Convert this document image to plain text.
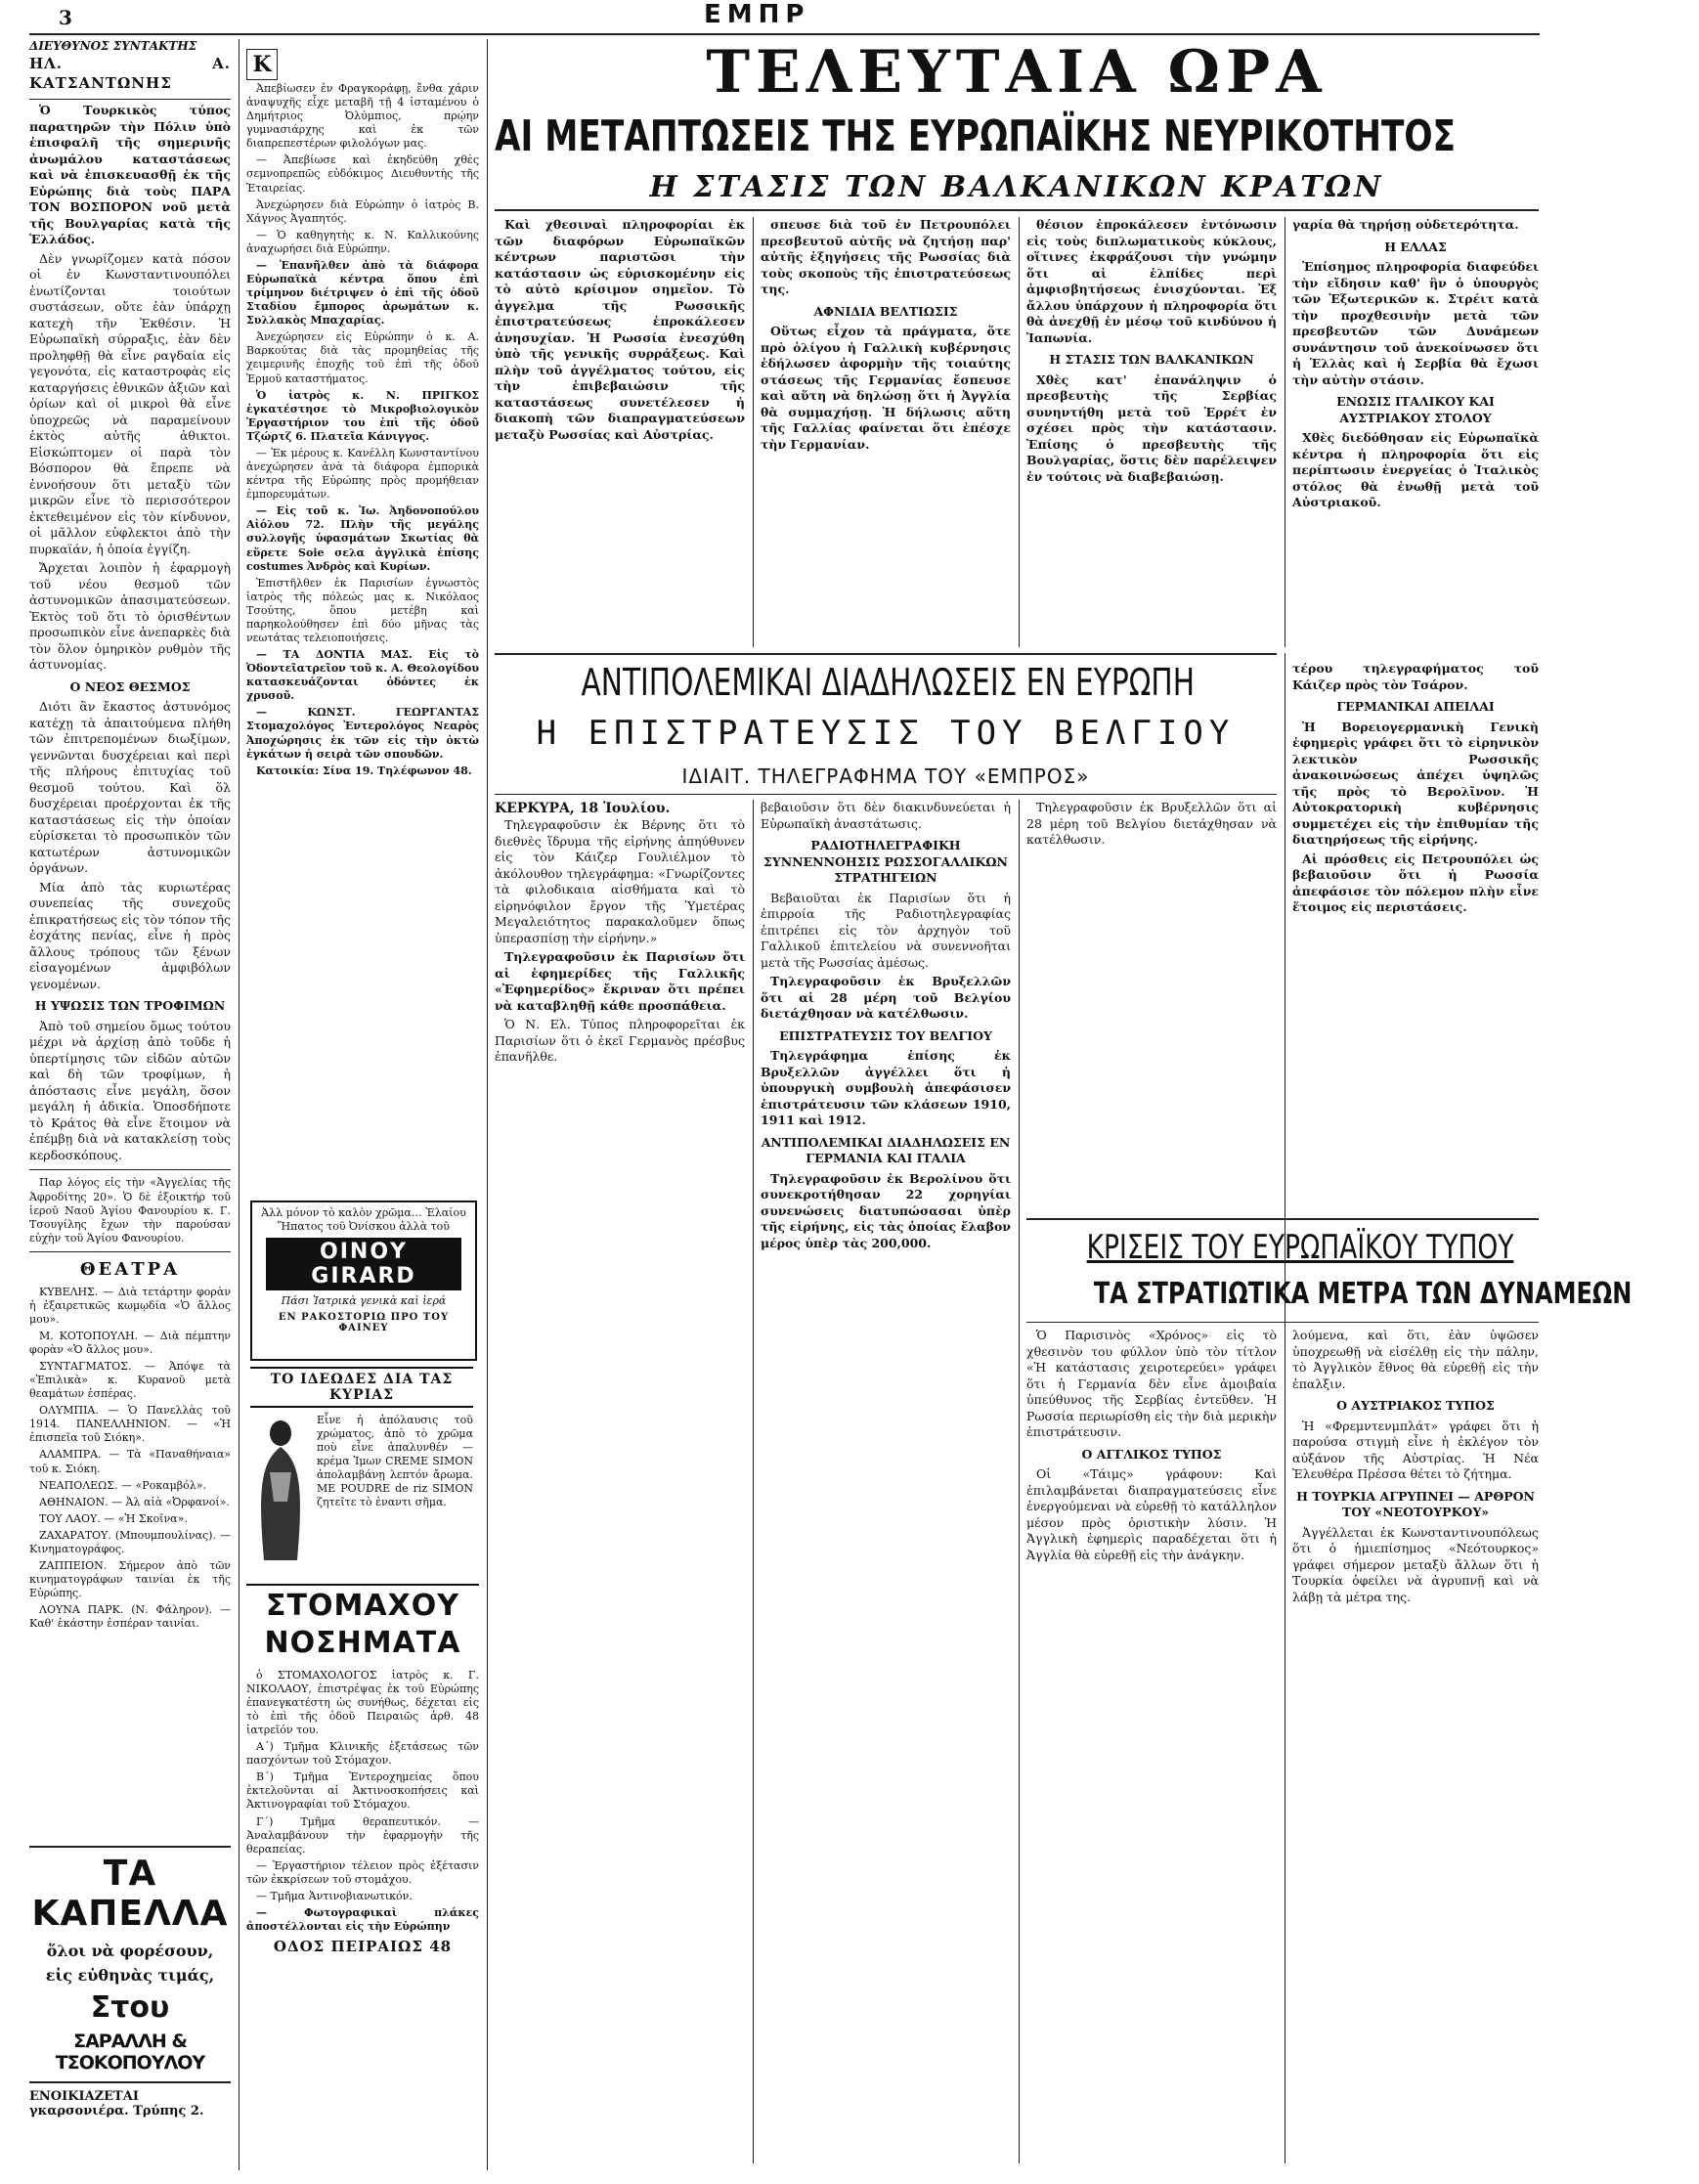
3	ΕΜΠΡ
ΔΙΕΥΘΥΝΟΣ ΣΥΝΤΑΚΤΗΣ
ΗΛ. Α. ΚΑΤΣΑΝΤΩΝΗΣ

Ὁ Τουρκικὸς τύπος παρατηρῶν τὴν Πόλιν ὑπὸ ἐπισφαλῆ τῆς σημερινῆς ἀνωμάλου καταστάσεως καὶ νὰ ἐπισκευασθῇ ἐκ τῆς Εὐρώπης διὰ τοὺς ΠΑΡΑ ΤΟΝ ΒΟΣΠΟΡΟΝ νοῦ μετὰ τῆς Βουλγαρίας κατὰ τῆς Ἑλλάδος.

Δὲν γνωρίζομεν κατὰ πόσον οἱ ἐν Κωνσταντινουπόλει ἐνωτίζονται τοιούτων συστάσεων, οὔτε ἐὰν ὑπάρχῃ κατεχὴ τῆν Ἐκθέσιν. Ἡ Εὐρωπαϊκὴ σύρραξις, ἐὰν δὲν προληφθῇ θὰ εἶνε ραγδαία εἰς γεγονότα, εἰς καταστροφὰς εἰς καταργήσεις ἐθνικῶν ἀξιῶν καὶ ὁρίων καὶ οἱ μικροὶ θὰ εἶνε ὑποχρεῶς νὰ παραμείνουν ἐκτὸς αὐτῆς ἀθικτοι. Εἰσκώπτομεν οἱ παρὰ τὸν Βόσπορον θὰ ἔπρεπε νὰ ἐννοήσουν ὅτι μεταξὺ τῶν μικρῶν εἶνε τὸ περισσότερον ἐκτεθειμένον εἰς τὸν κίνδυνον, οἱ μᾶλλον εὐφλεκτοι ἀπὸ τὴν πυρκαϊάν, ἡ ὁποία ἐγγίζη.

Ἄρχεται λοιπὸν ἡ ἐφαρμογὴ τοῦ νέου θεσμοῦ τῶν ἀστυνομικῶν ἀπασιματεύσεων. Ἐκτὸς τοῦ ὅτι τὸ ὀρισθέντων προσωπικὸν εἶνε ἀνεπαρκὲς διὰ τὸν ὅλον ὁμηρικὸν ρυθμὸν τῆς ἀστυνομίας.

Ο ΝΕΟΣ ΘΕΣΜΟΣ

Διότι ἂν ἔκαστος ἀστυνόμος κατέχῃ τὰ ἀπαιτούμενα πλήθη τῶν ἐπιτρεπομένων διωξίμων, γεννῶνται δυσχέρειαι καὶ περὶ τῆς πλήρους ἐπιτυχίας τοῦ θεσμοῦ τούτου. Καὶ ὅλ δυσχέρειαι προέρχονται ἐκ τῆς καταστάσεως εἰς τὴν ὁποίαν εὑρίσκεται τὸ προσωπικὸν τῶν κατωτέρων ἀστυνομικῶν ὀργάνων.

Μία ἀπὸ τὰς κυριωτέρας συνεπείας τῆς συνεχοῦς ἐπικρατήσεως εἰς τὸν τόπον τῆς ἐσχάτης πενίας, εἶνε ἡ πρὸς ἄλλους τρόπους τῶν ξένων εἰσαγομένων ἀμφιβόλων γενομένων.

Η ΥΨΩΣΙΣ ΤΩΝ ΤΡΟΦΙΜΩΝ

Ἀπὸ τοῦ σημείου ὅμως τούτου μέχρι νὰ ἀρχίσῃ ἀπὸ τοῦδε ἡ ὑπερτίμησις τῶν εἰδῶν αὐτῶν καὶ δὴ τῶν τροφίμων, ἡ ἀπόστασις εἶνε μεγάλη, ὅσον μεγάλη ἡ ἀδικία. Ὁποσδήποτε τὸ Κράτος θὰ εἶνε ἕτοιμον νὰ ἐπέμβῃ διὰ νὰ κατακλείσῃ τοὺς κερδοσκόπους.

Παρ λόγος εἰς τὴν «Ἀγγελίας τῆς Ἀφροδίτης 20». Ὁ δὲ ἐξοικτήρ τοῦ ἱεροῦ Ναοῦ Ἁγίου Φανουρίου κ. Γ. Τσουγίλης ἔχων τὴν παρούσαν εὐχὴν τοῦ Ἁγίου Φανουρίου.

ΘΕΑΤΡΑ

ΚΥΒΕΛΗΣ. — Διὰ τετάρτην φορὰν ἡ ἐξαιρετικῶς κωμῳδία «Ὁ ἄλλος μου».

Μ. ΚΟΤΟΠΟΥΛΗ. — Διὰ πέμπτην φορὰν «Ὁ ἄλλος μου».

ΣΥΝΤΑΓΜΑΤΟΣ. — Ἀπόψε τὰ «Ἐπιλικὰ» κ. Κυρανοῦ μετὰ θεαμάτων ἐσπέρας.

ΟΛΥΜΠΙΑ. — Ὁ Πανελλὰς τοῦ 1914. ΠΑΝΕΛΛΗΝΙΟΝ. — «Ἡ ἐπισπεῖα τοῦ Σιόκη».

ΑΛΑΜΠΡΑ. — Τὰ «Παναθήναια» τοῦ κ. Σιόκη.

ΝΕΑΠΟΛΕΩΣ. — «Ροκαμβόλ».

ΑΘΗΝΑΙΟΝ. — Ἀλ αἰὰ «Ὀρφανοί».

ΤΟΥ ΛΑΟΥ. — «Ἡ Σκοῖνα».

ΖΑΧΑΡΑΤΟΥ. (Μπουμπουλίνας). — Κινηματογράφος.

ΖΑΠΠΕΙΟΝ. Σήμερον ἀπὸ τῶν κινηματογράφων ταινίαι ἐκ τῆς Εὐρώπης.

ΛΟΥΝΑ ΠΑΡΚ. (Ν. Φάληρον). — Καθ' ἑκάστην ἐσπέραν ταινίαι.

ΤΑ ΚΑΠΕΛΛΑ
ὅλοι νὰ φορέσουν,
εἰς εὐθηνὰς τιμάς,
Στου
ΣΑΡΑΛΛΗ & ΤΣΟΚΟΠΟΥΛΟΥ
ΕΝΟΙΚΙΑΖΕΤΑΙ γκαρσονιέρα. Τρύπης 2.

Ἀπεβίωσεν ἐν Φραγκοράφῃ, ἔνθα χάριν ἀναψυχῆς εἶχε μεταβῆ τῇ 4 ἰσταμένου ὁ Δημήτριος Ὀλύμπιος, πρῴην γυμνασιάρχης καὶ ἐκ τῶν διαπρεπεστέρων φιλολόγων μας.

— Ἀπεβίωσε καὶ ἐκηδεύθη χθὲς σεμνοπρεπῶς εὐδόκιμος Διευθυντὴς τῆς Ἑταιρείας.

Ἀνεχώρησεν διὰ Εὐρώπην ὁ ἰατρὸς Β. Χάγνος Ἀγαπητός.

— Ὁ καθηγητὴς κ. Ν. Καλλικούνης ἀναχωρήσει διὰ Εὐρώπην.

— Ἐπανῆλθεν ἀπὸ τὰ διάφορα Εὐρωπαϊκὰ κέντρα ὅπου ἐπὶ τρίμηνον διέτριψεν ὁ ἐπὶ τῆς ὁδοῦ Σταδίου ἔμπορος ἀρωμάτων κ. Συλλακὸς Μπαχαρίας.

Ἀνεχώρησεν εἰς Εὐρώπην ὁ κ. Α. Βαρκούτας διὰ τὰς προμηθείας τῆς χειμερινῆς ἐποχῆς τοῦ ἐπὶ τῆς ὁδοῦ Ἑρμοῦ καταστήματος.

Ὁ ἰατρὸς κ. Ν. ΠΡΙΓΚΟΣ ἐγκατέστησε τὸ Μικροβιολογικὸν Ἐργαστήριον του ἐπὶ τῆς ὁδοῦ Τζώρτζ 6. Πλατεῖα Κάνιγγος.

— Ἐκ μέρους κ. Κανέλλη Κωνσταντίνου ἀνεχώρησεν ἀνὰ τὰ διάφορα ἐμπορικὰ κέντρα τῆς Εὐρώπης πρὸς προμήθειαν ἐμπορευμάτων.

— Εἰς τοῦ κ. Ἰω. Ἀηδονοπούλου Αἰόλου 72. Πλὴν τῆς μεγάλης συλλογῆς ὑφασμάτων Σκωτίας θὰ εὕρετε Soie σελα ἀγγλικὰ ἐπίσης costumes Ἀνδρὸς καὶ Κυρίων.

Ἐπιστῆλθεν ἐκ Παρισίων ἐγνωστὸς ἰατρὸς τῆς πόλεώς μας κ. Νικόλαος Τσούτης, ὅπου μετέβη καὶ παρηκολούθησεν ἐπὶ δύο μῆνας τὰς νεωτάτας τελειοποιήσεις.

— ΤΑ ΔΟΝΤΙΑ ΜΑΣ. Εἰς τὸ Ὀδοντεῖατρεῖον τοῦ κ. Α. Θεολογίδου κατασκευάζονται ὀδόντες ἐκ χρυσοῦ.

— ΚΩΝΣΤ. ΓΕΩΡΓΑΝΤΑΣ Στομαχολόγος Ἐντερολόγος Νεαρὸς Ἀποχώρησις ἐκ τῶν εἰς τὴν ὀκτὼ ἐγκάτων ἡ σειρὰ τῶν σπουδῶν.

Κατοικία: Σίνα 19. Τηλέφωνον 48.

K
Ἀλλ μόνον τὸ καλὸν χρῶμα… Ἐλαίου Ἥπατος τοῦ Ὀνίσκου ἀλλὰ τοῦ
ΟΙΝΟΥ GIRARD
Πάσι Ἰατρικὰ γενικὰ καὶ ἱερά
ΕΝ ΡΑΚΟΣΤΟΡΙΩ ΠΡΟ ΤΟΥ ΦΑΙΝΕΥ
ΤΟ ΙΔΕΩΔΕΣ ΔΙΑ ΤΑΣ ΚΥΡΙΑΣ
Εἶνε ἡ ἀπόλαυσις τοῦ χρώματος, ἀπὸ τὸ χρῶμα ποὺ εἶνε ἀπαλυνθέν — κρέμα Ἰμων CREME SIMON ἀπολαμβάνῃ λεπτόν ἄρωμα. ΜΕ POUDRE de riz SIMON ζητεῖτε τὸ ἐναντι σῆμα.
ΣΤΟΜΑΧΟΥ ΝΟΣΗΜΑΤΑ

ὁ ΣΤΟΜΑΧΟΛΟΓΟΣ ἰατρὸς κ. Γ. ΝΙΚΟΛΑΟΥ, ἐπιστρέψας ἐκ τοῦ Εὐρώπης ἐπανεγκατέστη ὡς συνήθως, δέχεται εἰς τὸ ἐπὶ τῆς ὁδοῦ Πειραιῶς ἀρθ. 48 ἰατρεῖόν του.

Α΄) Τμῆμα Κλινικῆς ἐξετάσεως τῶν πασχόντων τοῦ Στόμαχον.

Β΄) Τμῆμα Ἐντεροχημείας ὅπου ἐκτελοῦνται αἱ Ἀκτινοσκοπήσεις καὶ Ἀκτινογραφίαι τοῦ Στόμαχου.

Γ΄) Τμῆμα θεραπευτικόν. — Ἀναλαμβάνουν τὴν ἐφαρμογὴν τῆς θεραπείας.

— Ἐργαστήριον τέλειον πρὸς ἐξέτασιν τῶν ἐκκρίσεων τοῦ στομάχου.

— Τμῆμα Ἀντινοβιανωτικόν.

— Φωτογραφικαὶ πλάκες ἀποστέλλονται εἰς τὴν Εὐρώπην

ΟΔΟΣ ΠΕΙΡΑΙΩΣ 48
ΤΕΛΕΥΤΑΙΑ ΩΡΑ
ΑΙ ΜΕΤΑΠΤΩΣΕΙΣ ΤΗΣ ΕΥΡΩΠΑΪΚΗΣ ΝΕΥΡΙΚΟΤΗΤΟΣ
Η ΣΤΑΣΙΣ ΤΩΝ ΒΑΛΚΑΝΙΚΩΝ ΚΡΑΤΩΝ

Καὶ χθεσιναὶ πληροφορίαι ἐκ τῶν διαφόρων Εὐρωπαϊκῶν κέντρων παριστῶσι τὴν κατάστασιν ὡς εὑρισκομένην εἰς τὸ αὐτὸ κρίσιμον σημεῖον. Τὸ ἀγγελμα τῆς Ρωσσικῆς ἐπιστρατεύσεως ἐπροκάλεσεν ἀνησυχίαν. Ἡ Ρωσσία ἐνεσχύθη ὑπὸ τῆς γενικῆς συρράξεως. Καὶ πλὴν τοῦ ἀγγέλματος τούτου, εἰς τὴν ἐπιβεβαιώσιν τῆς καταστάσεως συνετέλεσεν ἡ διακοπὴ τῶν διαπραγματεύσεων μεταξὺ Ρωσσίας καὶ Αὐστρίας.

σπευσε διὰ τοῦ ἐν Πετρουπόλει πρεσβευτοῦ αὐτῆς νὰ ζητήσῃ παρ' αὐτῆς ἐξηγήσεις τῆς Ρωσσίας διὰ τοὺς σκοποὺς τῆς ἐπιστρατεύσεως της.

ΑΦΝΙΔΙΑ ΒΕΛΤΙΩΣΙΣ

Οὕτως εἶχον τὰ πράγματα, ὅτε πρὸ ὀλίγου ἡ Γαλλικὴ κυβέρνησις ἐδήλωσεν ἀφορμὴν τῆς τοιαύτης στάσεως τῆς Γερμανίας ἔσπευσε καὶ αὕτη νὰ δηλώσῃ ὅτι ἡ Ἀγγλία θὰ συμμαχήσῃ. Ἡ δήλωσις αὕτη τῆς Γαλλίας φαίνεται ὅτι ἐπέσχε τὴν Γερμανίαν.

θέσιον ἐπροκάλεσεν ἐντόνωσιν εἰς τοὺς διπλωματικοὺς κύκλους, οἵτινες ἐκφράζουσι τὴν γνώμην ὅτι αἱ ἐλπίδες περὶ ἀμφισβητήσεως ἐνισχύονται. Ἐξ ἄλλου ὑπάρχουν ἡ πληροφορία ὅτι θὰ ἀνεχθῇ ἐν μέσῳ τοῦ κινδύνου ἡ Ἰαπωνία.

Η ΣΤΑΣΙΣ ΤΩΝ ΒΑΛΚΑΝΙΚΩΝ

Χθὲς κατ' ἐπανάληψιν ὁ πρεσβευτὴς τῆς Σερβίας συνηντήθη μετὰ τοῦ Ἐρρέτ ἐν σχέσει πρὸς τὴν κατάστασιν. Ἐπίσης ὁ πρεσβευτὴς τῆς Βουλγαρίας, ὅστις δὲν παρέλειψεν ἐν τούτοις νὰ διαβεβαιώσῃ.

γαρία θὰ τηρήσῃ οὐδετερότητα.

Η ΕΛΛΑΣ

Ἐπίσημος πληροφορία διαφεύδει τὴν εἴδησιν καθ' ἣν ὁ ὑπουργὸς τῶν Ἐξωτερικῶν κ. Στρέιτ κατὰ τὴν προχθεσινὴν μετὰ τῶν πρεσβευτῶν τῶν Δυνάμεων συνάντησιν τοῦ ἀνεκοίνωσεν ὅτι ἡ Ἑλλὰς καὶ ἡ Σερβία θὰ ἔχωσι τὴν αὐτὴν στάσιν.

ΕΝΩΣΙΣ ΙΤΑΛΙΚΟΥ ΚΑΙ ΑΥΣΤΡΙΑΚΟΥ ΣΤΟΛΟΥ

Χθὲς διεδόθησαν εἰς Εὐρωπαϊκὰ κέντρα ἡ πληροφορία ὅτι εἰς περίπτωσιν ἐνεργείας ὁ Ἰταλικὸς στόλος θὰ ἑνωθῇ μετὰ τοῦ Αὐστριακοῦ.

ΑΝΤΙΠΟΛΕΜΙΚΑΙ ΔΙΑΔΗΛΩΣΕΙΣ ΕΝ ΕΥΡΩΠΗ
Η ΕΠΙΣΤΡΑΤΕΥΣΙΣ ΤΟΥ ΒΕΛΓΙΟΥ
ΙΔΙΑΙΤ. ΤΗΛΕΓΡΑΦΗΜΑ ΤΟΥ «ΕΜΠΡΟΣ»
ΚΕΡΚΥΡΑ, 18 Ἰουλίου.

Τηλεγραφοῦσιν ἐκ Βέρνης ὅτι τὸ διεθνὲς ἵδρυμα τῆς εἰρήνης ἀπηύθυνεν εἰς τὸν Κάιζερ Γουλιέλμον τὸ ἀκόλουθον τηλεγράφημα: «Γνωρίζοντες τὰ φιλοδικαια αἰσθήματα καὶ τὸ εἰρηνόφιλον ἔργον τῆς Ὑμετέρας Μεγαλειότητος παρακαλοῦμεν ὅπως ὑπερασπίσῃ τὴν εἰρήνην.»

Τηλεγραφοῦσιν ἐκ Παρισίων ὅτι αἱ ἐφημερίδες τῆς Γαλλικῆς «Ἐφημερίδος» ἔκριναν ὅτι πρέπει νὰ καταβληθῇ κάθε προσπάθεια.

Ὁ Ν. Ελ. Τύπος πληροφορεῖται ἐκ Παρισίων ὅτι ὁ ἐκεῖ Γερμανὸς πρέσβυς ἐπανῆλθε.

βεβαιοῦσιν ὅτι δὲν διακινδυνεύεται ἡ Εὐρωπαϊκὴ ἀναστάτωσις.

ΡΑΔΙΟΤΗΛΕΓΡΑΦΙΚΗ ΣΥΝΝΕΝΝΟΗΣΙΣ ΡΩΣΣΟΓΑΛΛΙΚΩΝ ΣΤΡΑΤΗΓΕΙΩΝ

Βεβαιοῦται ἐκ Παρισίων ὅτι ἡ ἐπιρροία τῆς Ραδιοτηλεγραφίας ἐπιτρέπει εἰς τὸν ἀρχηγὸν τοῦ Γαλλικοῦ ἐπιτελείου νὰ συνεννοῆται μετὰ τῆς Ρωσσίας ἀμέσως.

Τηλεγραφοῦσιν ἐκ Βρυξελλῶν ὅτι αἱ 28 μέρη τοῦ Βελγίου διετάχθησαν νὰ κατέλθωσιν.

ΕΠΙΣΤΡΑΤΕΥΣΙΣ ΤΟΥ ΒΕΛΓΙΟΥ

Τηλεγράφημα ἐπίσης ἐκ Βρυξελλῶν ἀγγέλλει ὅτι ἡ ὑπουργικὴ συμβουλὴ ἀπεφάσισεν ἐπιστράτευσιν τῶν κλάσεων 1910, 1911 καὶ 1912.

ΑΝΤΙΠΟΛΕΜΙΚΑΙ ΔΙΑΔΗΛΩΣΕΙΣ ΕΝ ΓΕΡΜΑΝΙΑ ΚΑΙ ΙΤΑΛΙΑ

Τηλεγραφοῦσιν ἐκ Βερολίνου ὅτι συνεκροτήθησαν 22 χορηγίαι συνενώσεις διατυπώσασαι ὑπὲρ τῆς εἰρήνης, εἰς τὰς ὁποίας ἔλαβον μέρος ὑπὲρ τὰς 200,000.

Τηλεγραφοῦσιν ἐκ Βρυξελλῶν ὅτι αἱ 28 μέρη τοῦ Βελγίου διετάχθησαν νὰ κατέλθωσιν.

τέρου τηλεγραφήματος τοῦ Κάιζερ πρὸς τὸν Τσάρον.

ΓΕΡΜΑΝΙΚΑΙ ΑΠΕΙΛΑΙ

Ἡ Βορειογερμανικὴ Γενικὴ ἐφημερὶς γράφει ὅτι τὸ εἰρηνικὸν λεκτικὸν Ρωσσικῆς ἀνακοινώσεως ἀπέχει ὑψηλῶς τῆς πρὸς τὸ Βερολῖνον. Ἡ Αὐτοκρατορικὴ κυβέρνησις συμμετέχει εἰς τὴν ἐπιθυμίαν τῆς διατηρήσεως τῆς εἰρήνης.

Αἱ πρόσθεις εἰς Πετρουπόλει ὡς βεβαιοῦσιν ὅτι ἡ Ρωσσία ἀπεφάσισε τὸν πόλεμον πλὴν εἶνε ἕτοιμος εἰς περιστάσεις.

ΚΡΙΣΕΙΣ ΤΟΥ ΕΥΡΩΠΑΪΚΟΥ ΤΥΠΟΥ
ΤΑ ΣΤΡΑΤΙΩΤΙΚΑ ΜΕΤΡΑ ΤΩΝ ΔΥΝΑΜΕΩΝ

Ὁ Παρισινὸς «Χρόνος» εἰς τὸ χθεσινὸν του φύλλον ὑπὸ τὸν τίτλον «Ἡ κατάστασις χειροτερεύει» γράφει ὅτι ἡ Γερμανία δὲν εἶνε ἀμοιβαία ὑπεύθυνος τῆς Σερβίας ἐντεῦθεν. Ἡ Ρωσσία περιωρίσθη εἰς τὴν διὰ μερικὴν ἐπιστράτευσιν.

Ο ΑΓΓΛΙΚΟΣ ΤΥΠΟΣ

Οἱ «Τάιμς» γράφουν: Καὶ ἐπιλαμβάνεται διαπραγματεύσεις εἶνε ἐνεργούμεναι νὰ εὑρεθῇ τὸ κατάλληλον μέσον πρὸς ὁριστικὴν λύσιν. Ἡ Ἀγγλικὴ ἐφημερὶς παραδέχεται ὅτι ἡ Ἀγγλία θὰ εὑρεθῇ εἰς τὴν ἀνάγκην.

λούμενα, καὶ ὅτι, ἐὰν ὑψῶσεν ὑποχρεωθῇ νὰ εἰσέλθῃ εἰς τὴν πάλην, τὸ Ἀγγλικὸν ἔθνος θὰ εὑρεθῇ εἰς τὴν ἐπαλξιν.

Ο ΑΥΣΤΡΙΑΚΟΣ ΤΥΠΟΣ

Ἡ «Φρεμντενμπλάτ» γράφει ὅτι ἡ παρούσα στιγμὴ εἶνε ἡ ἐκλέγον τὸν αὐξάνον τῆς Αὐστρίας. Ἡ Νέα Ἐλευθέρα Πρέσσα θέτει τὸ ζήτημα.

Η ΤΟΥΡΚΙΑ ΑΓΡΥΠΝΕΙ — ΑΡΘΡΟΝ ΤΟΥ «ΝΕΟΤΟΥΡΚΟΥ»

Ἀγγέλλεται ἐκ Κωνσταντινουπόλεως ὅτι ὁ ἡμιεπίσημος «Νεότουρκος» γράφει σήμερον μεταξὺ ἄλλων ὅτι ἡ Τουρκία ὀφείλει νὰ ἀγρυπνῇ καὶ νὰ λάβῃ τὰ μέτρα της.
